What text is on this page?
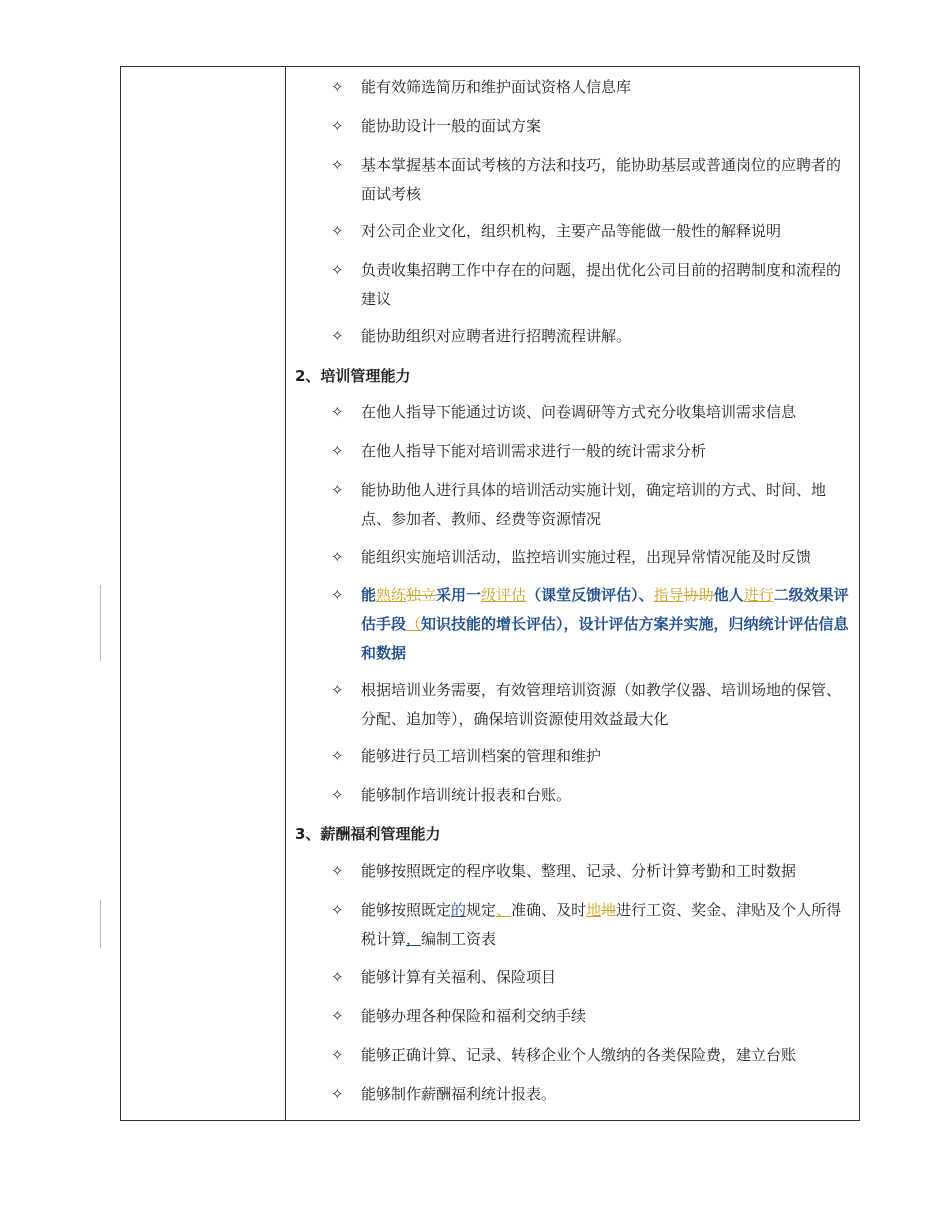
✧	能有效筛选简历和维护面试资格人信息库
✧	能协助设计一般的面试方案
✧	基本掌握基本面试考核的方法和技巧，能协助基层或普通岗位的应聘者的面试考核
✧	对公司企业文化，组织机构，主要产品等能做一般性的解释说明
✧	负责收集招聘工作中存在的问题，提出优化公司目前的招聘制度和流程的建议
✧	能协助组织对应聘者进行招聘流程讲解。
2、培训管理能力
✧	在他人指导下能通过访谈、问卷调研等方式充分收集培训需求信息
✧	在他人指导下能对培训需求进行一般的统计需求分析
✧	能协助他人进行具体的培训活动实施计划，确定培训的方式、时间、地点、参加者、教师、经费等资源情况
✧	能组织实施培训活动，监控培训实施过程，出现异常情况能及时反馈
✧	能熟练独立采用一级评估（课堂反馈评估）、指导协助他人进行二级效果评估手段（知识技能的增长评估），设计评估方案并实施，归纳统计评估信息和数据
✧	根据培训业务需要，有效管理培训资源（如教学仪器、培训场地的保管、分配、追加等），确保培训资源使用效益最大化
✧	能够进行员工培训档案的管理和维护
✧	能够制作培训统计报表和台账。
3、薪酬福利管理能力
✧	能够按照既定的程序收集、整理、记录、分析计算考勤和工时数据
✧	能够按照既定的规定、准确、及时地地进行工资、奖金、津贴及个人所得税计算，编制工资表
✧	能够计算有关福利、保险项目
✧	能够办理各种保险和福利交纳手续
✧	能够正确计算、记录、转移企业个人缴纳的各类保险费，建立台账
✧	能够制作薪酬福利统计报表。
